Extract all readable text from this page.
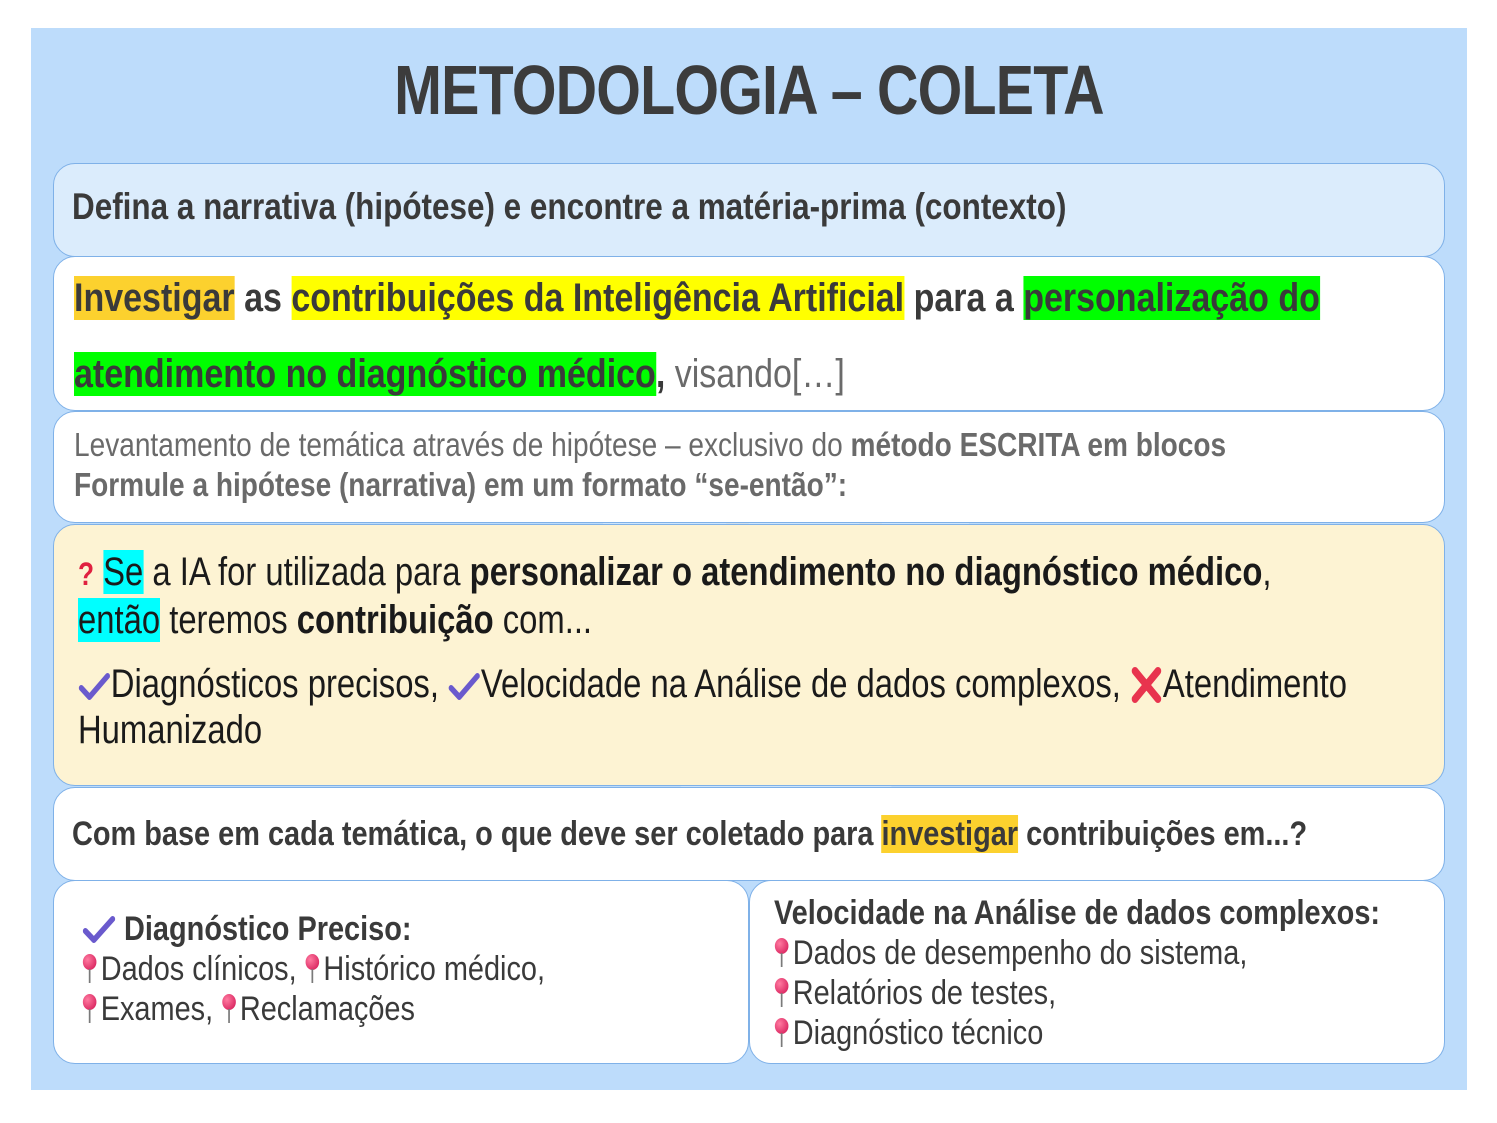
METODOLOGIA – COLETA
Defina a narrativa (hipótese) e encontre a matéria-prima (contexto)
Investigar as contribuições da Inteligência Artificial para a personalização do
atendimento no diagnóstico médico, visando[…]
Levantamento de temática através de hipótese – exclusivo do método ESCRITA em blocos
Formule a hipótese (narrativa) em um formato “se-então”:
? Se a IA for utilizada para personalizar o atendimento no diagnóstico médico,
então teremos contribuição com...
Diagnósticos precisos, Velocidade na Análise de dados complexos, Atendimento
Humanizado
Com base em cada temática, o que deve ser coletado para investigar contribuições em...?
Diagnóstico Preciso:
Dados clínicos, Histórico médico,
Exames, Reclamações
Velocidade na Análise de dados complexos:
Dados de desempenho do sistema,
Relatórios de testes,
Diagnóstico técnico
